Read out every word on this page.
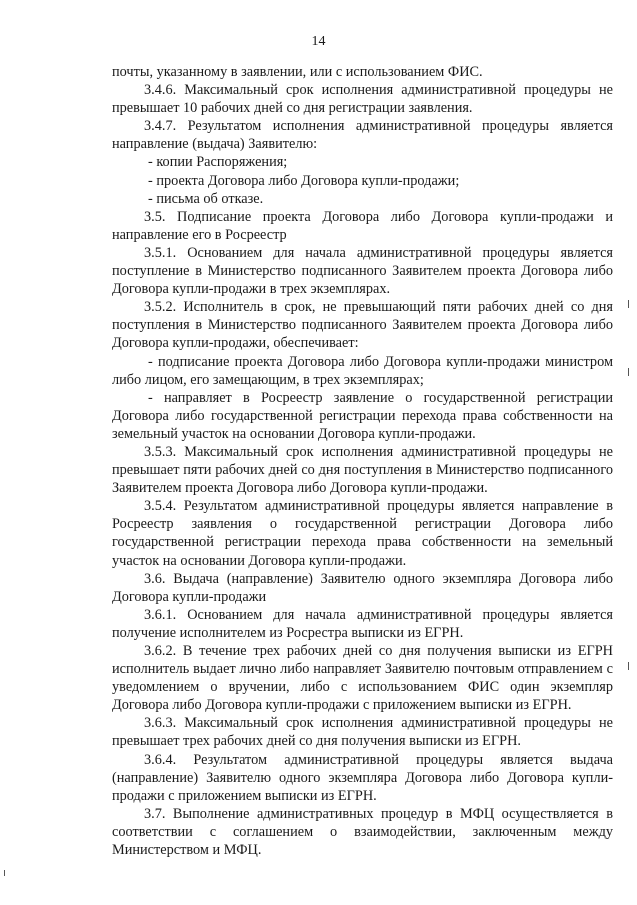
14

почты, указанному в заявлении, или с использованием ФИС.

3.4.6. Максимальный срок исполнения административной процедуры не превышает 10 рабочих дней со дня регистрации заявления.

3.4.7. Результатом исполнения административной процедуры является направление (выдача) Заявителю:

- копии Распоряжения;

- проекта Договора либо Договора купли-продажи;

- письма об отказе.

3.5. Подписание проекта Договора либо Договора купли-продажи и направление его в Росреестр

3.5.1. Основанием для начала административной процедуры является поступление в Министерство подписанного Заявителем проекта Договора либо Договора купли-продажи в трех экземплярах.

3.5.2. Исполнитель в срок, не превышающий пяти рабочих дней со дня поступления в Министерство подписанного Заявителем проекта Договора либо Договора купли-продажи, обеспечивает:

- подписание проекта Договора либо Договора купли-продажи министром либо лицом, его замещающим, в трех экземплярах;

- направляет в Росреестр заявление о государственной регистрации Договора либо государственной регистрации перехода права собственности на земельный участок на основании Договора купли-продажи.

3.5.3. Максимальный срок исполнения административной процедуры не превышает пяти рабочих дней со дня поступления в Министерство подписанного Заявителем проекта Договора либо Договора купли-продажи.

3.5.4. Результатом административной процедуры является направление в Росреестр заявления о государственной регистрации Договора либо государственной регистрации перехода права собственности на земельный участок на основании Договора купли-продажи.

3.6. Выдача (направление) Заявителю одного экземпляра Договора либо Договора купли-продажи

3.6.1. Основанием для начала административной процедуры является получение исполнителем из Росрестра выписки из ЕГРН.

3.6.2. В течение трех рабочих дней со дня получения выписки из ЕГРН исполнитель выдает лично либо направляет Заявителю почтовым отправлением с уведомлением о вручении, либо с использованием ФИС один экземпляр Договора либо Договора купли-продажи с приложением выписки из ЕГРН.

3.6.3. Максимальный срок исполнения административной процедуры не превышает трех рабочих дней со дня получения выписки из ЕГРН.

3.6.4. Результатом административной процедуры является выдача (направление) Заявителю одного экземпляра Договора либо Договора купли-продажи с приложением выписки из ЕГРН.

3.7. Выполнение административных процедур в МФЦ осуществляется в соответствии с соглашением о взаимодействии, заключенным между Министерством и МФЦ.
